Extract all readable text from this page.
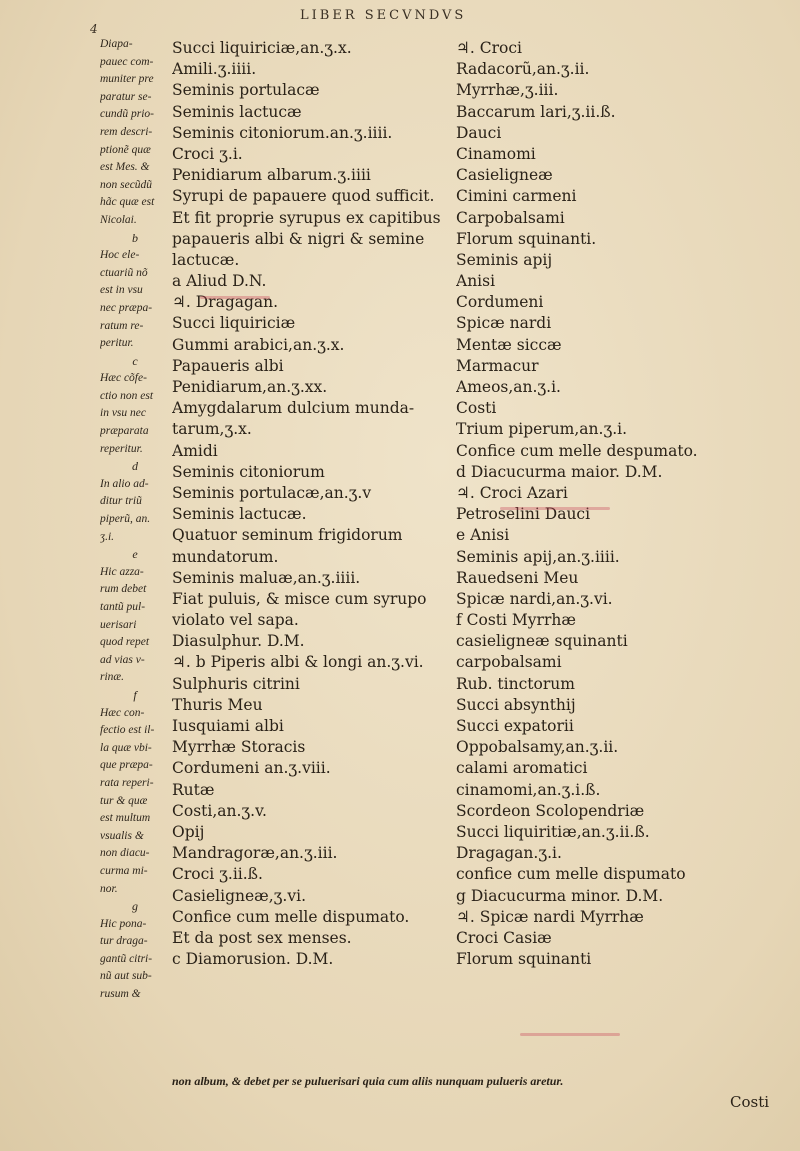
LIBER SECVNDVS
4
Diapa-
pauec com-
muniter pre
paratur se-
cundũ prio-
rem descri-
ptionẽ quæ
est Mes. &
non secũdũ
hãc quæ est
Nicolai.
b
Hoc ele-
ctuariũ nõ
est in vsu
nec præpa-
ratum re-
peritur.
c
Hæc cõfe-
ctio non est
in vsu nec
præparata
reperitur.
d
In alio ad-
ditur triũ
piperũ, an.
ʒ.i.
e
Hic azza-
rum debet
tantũ pul-
uerisari
quod repet
ad vias v-
rinæ.
f
Hæc con-
fectio est il-
la quæ vbi-
que præpa-
rata reperi-
tur & quæ
est multum
vsualis &
non diacu-
curma mi-
nor.
g
Hic pona-
tur draga-
gantũ citri-
nũ aut sub-
rusum &
Succi liquiriciæ,an.ʒ.x.
Amili.ʒ.iiii.
Seminis portulacæ
Seminis lactucæ
Seminis citoniorum.an.ʒ.iiii.
Croci ʒ.i.
Penidiarum albarum.ʒ.iiii
Syrupi de papauere quod sufficit.
Et fit proprie syrupus ex capitibus
papaueris albi & nigri & semine
lactucæ.
a Aliud D.N.
♃. Dragagan.
Succi liquiriciæ
Gummi arabici,an.ʒ.x.
Papaueris albi
Penidiarum,an.ʒ.xx.
Amygdalarum dulcium munda-
tarum,ʒ.x.
Amidi
Seminis citoniorum
Seminis portulacæ,an.ʒ.v
Seminis lactucæ.
Quatuor seminum frigidorum
mundatorum.
Seminis maluæ,an.ʒ.iiii.
Fiat puluis, & misce cum syrupo
violato vel sapa.
Diasulphur. D.M.
♃. b Piperis albi & longi an.ʒ.vi.
Sulphuris citrini
Thuris Meu
Iusquiami albi
Myrrhæ Storacis
Cordumeni an.ʒ.viii.
Rutæ
Costi,an.ʒ.v.
Opij
Mandragoræ,an.ʒ.iii.
Croci ʒ.ii.ß.
Casieligneæ,ʒ.vi.
Confice cum melle dispumato.
Et da post sex menses.
c Diamorusion. D.M.
♃. Croci
Radacorũ,an.ʒ.ii.
Myrrhæ,ʒ.iii.
Baccarum lari,ʒ.ii.ß.
Dauci
Cinamomi
Casieligneæ
Cimini carmeni
Carpobalsami
Florum squinanti.
Seminis apij
Anisi
Cordumeni
Spicæ nardi
Mentæ siccæ
Marmacur
Ameos,an.ʒ.i.
Costi
Trium piperum,an.ʒ.i.
Confice cum melle despumato.
d Diacucurma maior. D.M.
♃. Croci Azari
Petroselini Dauci
e Anisi
Seminis apij,an.ʒ.iiii.
Rauedseni Meu
Spicæ nardi,an.ʒ.vi.
f Costi Myrrhæ
casieligneæ squinanti
carpobalsami
Rub. tinctorum
Succi absynthij
Succi expatorii
Oppobalsamy,an.ʒ.ii.
calami aromatici
cinamomi,an.ʒ.i.ß.
Scordeon Scolopendriæ
Succi liquiritiæ,an.ʒ.ii.ß.
Dragagan.ʒ.i.
confice cum melle dispumato
g Diacucurma minor. D.M.
♃. Spicæ nardi Myrrhæ
Croci Casiæ
Florum squinanti
non album, & debet per se puluerisari quia cum aliis nunquam pulueris aretur.
Costi
